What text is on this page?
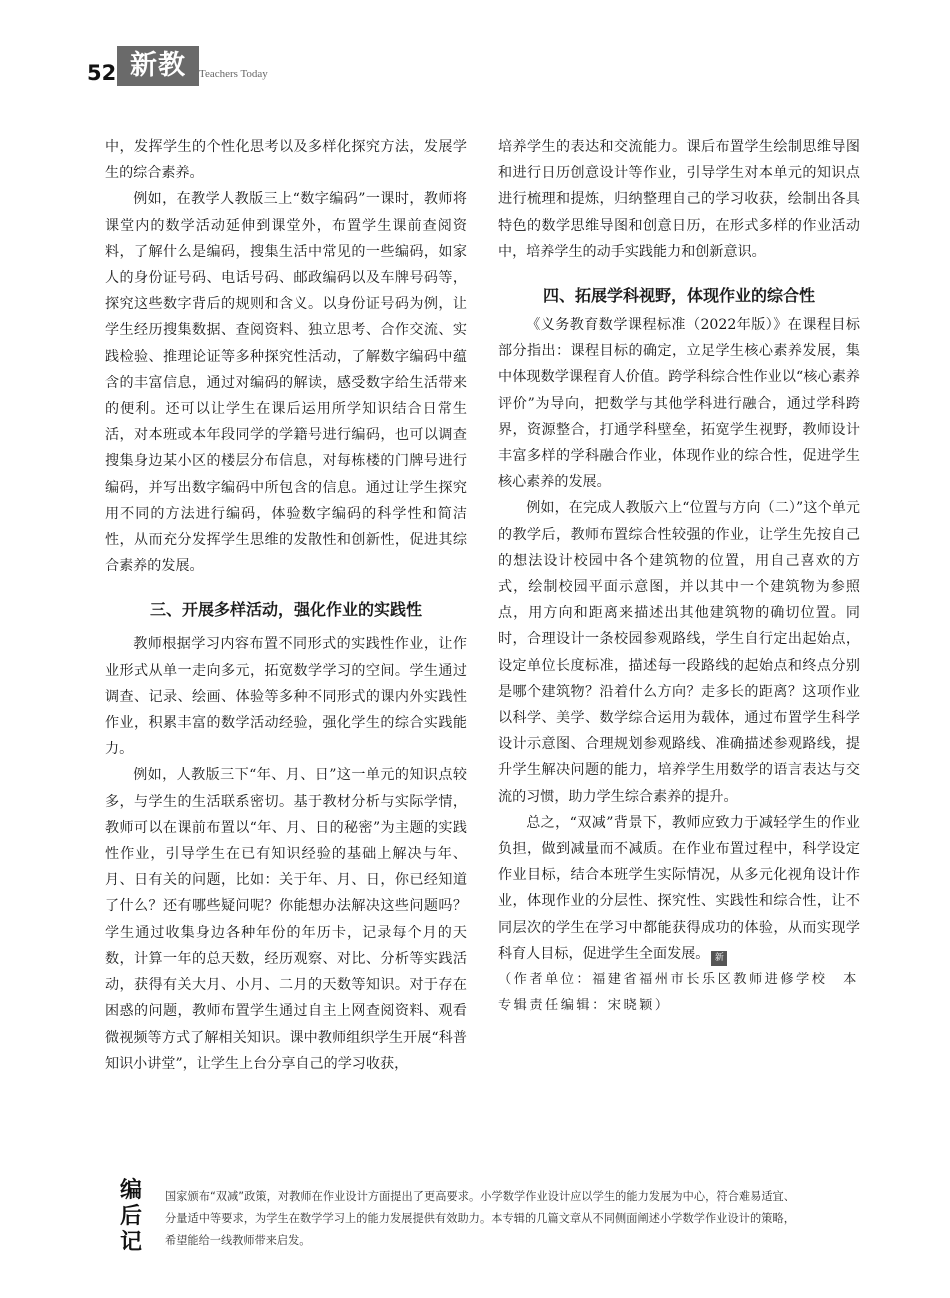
52 新教师
Teachers Today

中，发挥学生的个性化思考以及多样化探究方法，发展学生的综合素养。

例如，在教学人教版三上“数字编码”一课时，教师将课堂内的数学活动延伸到课堂外，布置学生课前查阅资料，了解什么是编码，搜集生活中常见的一些编码，如家人的身份证号码、电话号码、邮政编码以及车牌号码等，探究这些数字背后的规则和含义。以身份证号码为例，让学生经历搜集数据、查阅资料、独立思考、合作交流、实践检验、推理论证等多种探究性活动，了解数字编码中蕴含的丰富信息，通过对编码的解读，感受数字给生活带来的便利。还可以让学生在课后运用所学知识结合日常生活，对本班或本年段同学的学籍号进行编码，也可以调查搜集身边某小区的楼层分布信息，对每栋楼的门牌号进行编码，并写出数字编码中所包含的信息。通过让学生探究用不同的方法进行编码，体验数字编码的科学性和简洁性，从而充分发挥学生思维的发散性和创新性，促进其综合素养的发展。

三、开展多样活动，强化作业的实践性

教师根据学习内容布置不同形式的实践性作业，让作业形式从单一走向多元，拓宽数学学习的空间。学生通过调查、记录、绘画、体验等多种不同形式的课内外实践性作业，积累丰富的数学活动经验，强化学生的综合实践能力。

例如，人教版三下“年、月、日”这一单元的知识点较多，与学生的生活联系密切。基于教材分析与实际学情，教师可以在课前布置以“年、月、日的秘密”为主题的实践性作业，引导学生在已有知识经验的基础上解决与年、月、日有关的问题，比如：关于年、月、日，你已经知道了什么？还有哪些疑问呢？你能想办法解决这些问题吗？学生通过收集身边各种年份的年历卡，记录每个月的天数，计算一年的总天数，经历观察、对比、分析等实践活动，获得有关大月、小月、二月的天数等知识。对于存在困惑的问题，教师布置学生通过自主上网查阅资料、观看微视频等方式了解相关知识。课中教师组织学生开展“科普知识小讲堂”，让学生上台分享自己的学习收获，

培养学生的表达和交流能力。课后布置学生绘制思维导图和进行日历创意设计等作业，引导学生对本单元的知识点进行梳理和提炼，归纳整理自己的学习收获，绘制出各具特色的数学思维导图和创意日历，在形式多样的作业活动中，培养学生的动手实践能力和创新意识。

四、拓展学科视野，体现作业的综合性

《义务教育数学课程标准（2022年版）》在课程目标部分指出：课程目标的确定，立足学生核心素养发展，集中体现数学课程育人价值。跨学科综合性作业以“核心素养评价”为导向，把数学与其他学科进行融合，通过学科跨界，资源整合，打通学科壁垒，拓宽学生视野，教师设计丰富多样的学科融合作业，体现作业的综合性，促进学生核心素养的发展。

例如，在完成人教版六上“位置与方向（二）”这个单元的教学后，教师布置综合性较强的作业，让学生先按自己的想法设计校园中各个建筑物的位置，用自己喜欢的方式，绘制校园平面示意图，并以其中一个建筑物为参照点，用方向和距离来描述出其他建筑物的确切位置。同时，合理设计一条校园参观路线，学生自行定出起始点，设定单位长度标准，描述每一段路线的起始点和终点分别是哪个建筑物？沿着什么方向？走多长的距离？这项作业以科学、美学、数学综合运用为载体，通过布置学生科学设计示意图、合理规划参观路线、准确描述参观路线，提升学生解决问题的能力，培养学生用数学的语言表达与交流的习惯，助力学生综合素养的提升。

总之，“双减”背景下，教师应致力于减轻学生的作业负担，做到减量而不减质。在作业布置过程中，科学设定作业目标，结合本班学生实际情况，从多元化视角设计作业，体现作业的分层性、探究性、实践性和综合性，让不同层次的学生在学习中都能获得成功的体验，从而实现学科育人目标，促进学生全面发展。 新

（作者单位：福建省福州市长乐区教师进修学校　本专辑责任编辑：宋晓颖）

编
后
记
国家颁布“双减”政策，对教师在作业设计方面提出了更高要求。小学数学作业设计应以学生的能力发展为中心，符合难易适宜、分量适中等要求，为学生在数学学习上的能力发展提供有效助力。本专辑的几篇文章从不同侧面阐述小学数学作业设计的策略，希望能给一线教师带来启发。
